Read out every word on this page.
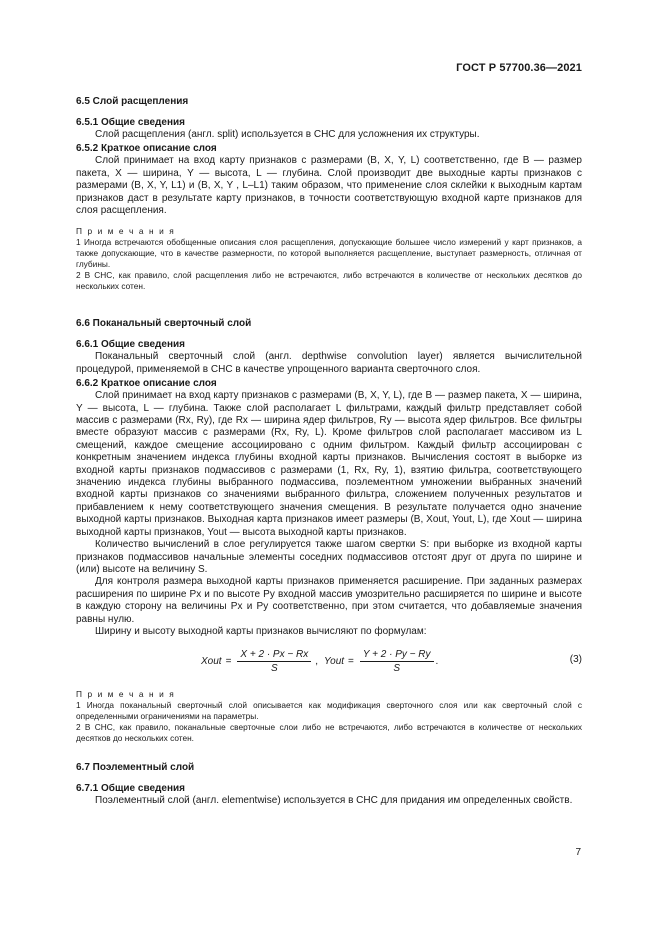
ГОСТ Р 57700.36—2021
6.5 Слой расщепления
6.5.1 Общие сведения

Слой расщепления (англ. split) используется в СНС для усложнения их структуры.

6.5.2 Краткое описание слоя

Слой принимает на вход карту признаков с размерами (B, X, Y, L) соответственно, где B — размер пакета, X — ширина, Y — высота, L — глубина. Слой производит две выходные карты признаков с размерами (B, X, Y, L1) и (B, X, Y , L–L1) таким образом, что применение слоя склейки к выходным картам признаков даст в результате карту признаков, в точности соответствующую входной карте признаков для слоя расщепления.

П р и м е ч а н и я

1 Иногда встречаются обобщенные описания слоя расщепления, допускающие большее число измерений у карт признаков, а также допускающие, что в качестве размерности, по которой выполняется расщепление, выступает размерность, отличная от глубины.

2 В СНС, как правило, слой расщепления либо не встречаются, либо встречаются в количестве от нескольких десятков до нескольких сотен.

6.6 Поканальный сверточный слой
6.6.1 Общие сведения

Поканальный сверточный слой (англ. depthwise convolution layer) является вычислительной процедурой, применяемой в СНС в качестве упрощенного варианта сверточного слоя.

6.6.2 Краткое описание слоя

Слой принимает на вход карту признаков с размерами (B, X, Y, L), где B — размер пакета, X — ширина, Y — высота, L — глубина. Также слой располагает L фильтрами, каждый фильтр представляет собой массив с размерами (Rx, Ry), где Rx — ширина ядер фильтров, Ry — высота ядер фильтров. Все фильтры вместе образуют массив с размерами (Rx, Ry, L). Кроме фильтров слой располагает массивом из L смещений, каждое смещение ассоциировано с одним фильтром. Каждый фильтр ассоциирован с конкретным значением индекса глубины входной карты признаков. Вычисления состоят в выборке из входной карты признаков подмассивов с размерами (1, Rx, Ry, 1), взятию фильтра, соответствующего значению индекса глубины выбранного подмассива, поэлементном умножении выбранных значений входной карты признаков со значениями выбранного фильтра, сложением полученных результатов и прибавлением к нему соответствующего значения смещения. В результате получается одно значение выходной карты признаков. Выходная карта признаков имеет размеры (B, Xout, Yout, L), где Xout — ширина выходной карты признаков, Yout — высота выходной карты признаков.

Количество вычислений в слое регулируется также шагом свертки S: при выборке из входной карты признаков подмассивов начальные элементы соседних подмассивов отстоят друг от друга по ширине и (или) высоте на величину S.

Для контроля размера выходной карты признаков применяется расширение. При заданных размерах расширения по ширине Px и по высоте Py входной массив умозрительно расширяется по ширине и высоте в каждую сторону на величины Px и Py соответственно, при этом считается, что добавляемые значения равны нулю.

Ширину и высоту выходной карты признаков вычисляют по формулам:

Xout = $\frac{X + 2 \cdot Px - Rx}{S}$ , Yout = $\frac{Y + 2 \cdot Py - Ry}{S}$ .	(3)

П р и м е ч а н и я

1 Иногда поканальный сверточный слой описывается как модификация сверточного слоя или как сверточный слой с определенными ограничениями на параметры.

2 В СНС, как правило, поканальные сверточные слои либо не встречаются, либо встречаются в количестве от нескольких десятков до нескольких сотен.

6.7 Поэлементный слой
6.7.1 Общие сведения

Поэлементный слой (англ. elementwise) используется в СНС для придания им определенных свойств.

7
